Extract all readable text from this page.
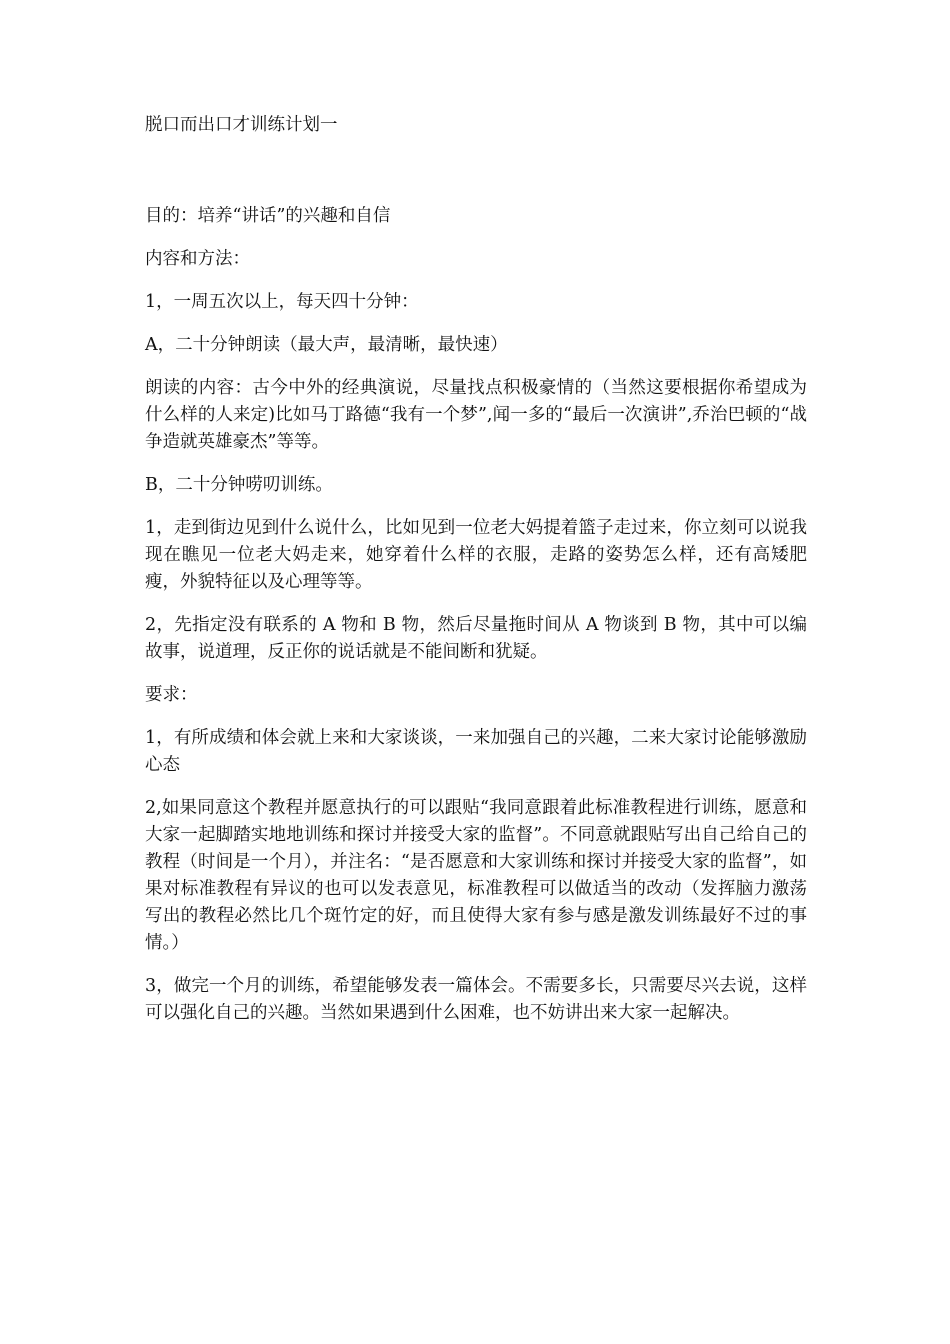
脱口而出口才训练计划一

目的：培养“讲话”的兴趣和自信

内容和方法：

1，一周五次以上，每天四十分钟：

A，二十分钟朗读（最大声，最清晰，最快速）

朗读的内容：古今中外的经典演说，尽量找点积极豪情的（当然这要根据你希望成为什么样的人来定)比如马丁路德“我有一个梦”,闻一多的“最后一次演讲”,乔治巴顿的“战争造就英雄豪杰”等等。

B，二十分钟唠叨训练。

1，走到街边见到什么说什么，比如见到一位老大妈提着篮子走过来，你立刻可以说我现在瞧见一位老大妈走来，她穿着什么样的衣服，走路的姿势怎么样，还有高矮肥瘦，外貌特征以及心理等等。

2，先指定没有联系的 A 物和 B 物，然后尽量拖时间从 A 物谈到 B 物，其中可以编故事，说道理，反正你的说话就是不能间断和犹疑。

要求：

1，有所成绩和体会就上来和大家谈谈，一来加强自己的兴趣，二来大家讨论能够激励心态

2,如果同意这个教程并愿意执行的可以跟贴“我同意跟着此标准教程进行训练，愿意和大家一起脚踏实地地训练和探讨并接受大家的监督”。不同意就跟贴写出自己给自己的教程（时间是一个月），并注名：“是否愿意和大家训练和探讨并接受大家的监督”，如果对标准教程有异议的也可以发表意见，标准教程可以做适当的改动（发挥脑力激荡写出的教程必然比几个斑竹定的好，而且使得大家有参与感是激发训练最好不过的事情。）

3，做完一个月的训练，希望能够发表一篇体会。不需要多长，只需要尽兴去说，这样可以强化自己的兴趣。当然如果遇到什么困难，也不妨讲出来大家一起解决。
